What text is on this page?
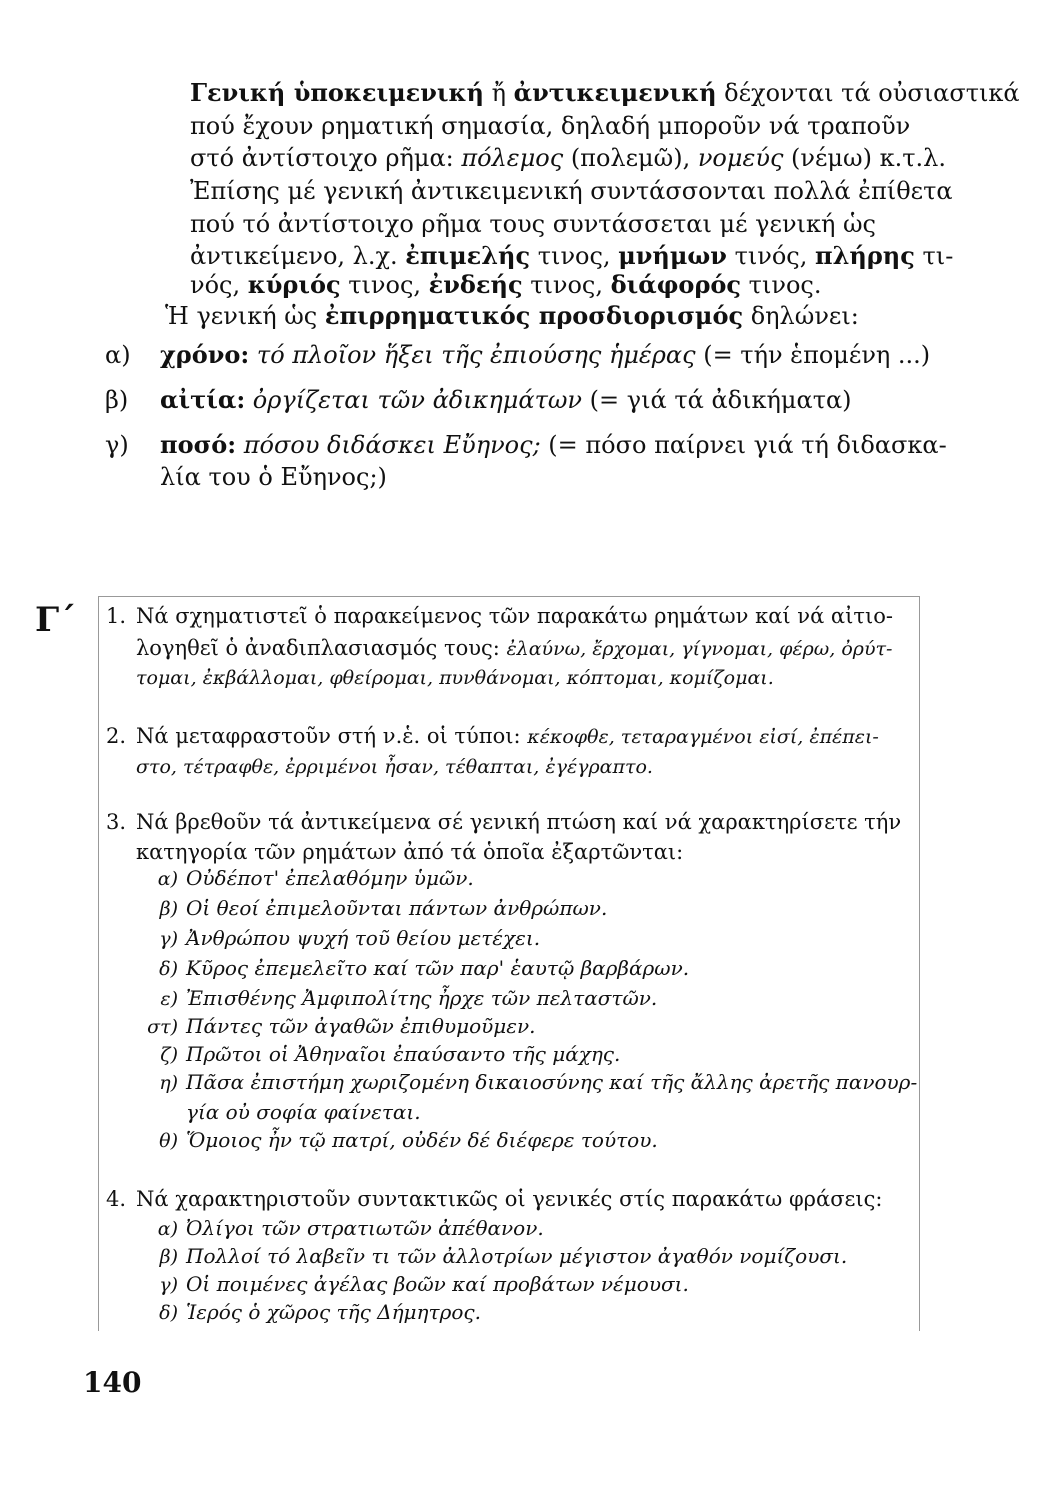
Γενική ὑποκειμενική ἤ ἀντικειμενική δέχονται τά οὐσιαστικά
πού ἔχουν ρηματική σημασία, δηλαδή μποροῦν νά τραποῦν
στό ἀντίστοιχο ρῆμα: πόλεμος (πολεμῶ), νομεύς (νέμω) κ.τ.λ.
Ἐπίσης μέ γενική ἀντικειμενική συντάσσονται πολλά ἐπίθετα
πού τό ἀντίστοιχο ρῆμα τους συντάσσεται μέ γενική ὡς
ἀντικείμενο, λ.χ. ἐπιμελής τινος, μνήμων τινός, πλήρης τι-
νός, κύριός τινος, ἐνδεής τινος, διάφορός τινος.
Ἡ γενική ὡς ἐπιρρηματικός προσδιορισμός δηλώνει:
α) χρόνο: τό πλοῖον ἥξει τῆς ἐπιούσης ἡμέρας (= τήν ἑπομένη ...)
β) αἰτία: ὀργίζεται τῶν ἀδικημάτων (= γιά τά ἀδικήματα)
γ) ποσό: πόσου διδάσκει Εὔηνος; (= πόσο παίρνει γιά τή διδασκα-
λία του ὁ Εὔηνος;)
Γ΄ 1. Νά σχηματιστεῖ ὁ παρακείμενος τῶν παρακάτω ρημάτων καί νά αἰτιο-
λογηθεῖ ὁ ἀναδιπλασιασμός τους: ἐλαύνω, ἔρχομαι, γίγνομαι, φέρω, ὀρύτ-
τομαι, ἐκβάλλομαι, φθείρομαι, πυνθάνομαι, κόπτομαι, κομίζομαι.
2. Νά μεταφραστοῦν στή ν.ἑ. οἱ τύποι: κέκοφθε, τεταραγμένοι εἰσί, ἐπέπει-
στο, τέτραφθε, ἐρριμένοι ἦσαν, τέθαπται, ἐγέγραπτο.
3. Νά βρεθοῦν τά ἀντικείμενα σέ γενική πτώση καί νά χαρακτηρίσετε τήν
κατηγορία τῶν ρημάτων ἀπό τά ὁποῖα ἐξαρτῶνται:
α) Οὐδέποτ' ἐπελαθόμην ὑμῶν.
β) Οἱ θεοί ἐπιμελοῦνται πάντων ἀνθρώπων.
γ) Ἀνθρώπου ψυχή τοῦ θείου μετέχει.
δ) Κῦρος ἐπεμελεῖτο καί τῶν παρ' ἑαυτῷ βαρβάρων.
ε) Ἐπισθένης Ἀμφιπολίτης ἦρχε τῶν πελταστῶν.
στ) Πάντες τῶν ἀγαθῶν ἐπιθυμοῦμεν.
ζ) Πρῶτοι οἱ Ἀθηναῖοι ἐπαύσαντο τῆς μάχης.
η) Πᾶσα ἐπιστήμη χωριζομένη δικαιοσύνης καί τῆς ἄλλης ἀρετῆς πανουρ-
γία οὐ σοφία φαίνεται.
θ) Ὅμοιος ἦν τῷ πατρί, οὐδέν δέ διέφερε τούτου.
4. Νά χαρακτηριστοῦν συντακτικῶς οἱ γενικές στίς παρακάτω φράσεις:
α) Ὀλίγοι τῶν στρατιωτῶν ἀπέθανον.
β) Πολλοί τό λαβεῖν τι τῶν ἀλλοτρίων μέγιστον ἀγαθόν νομίζουσι.
γ) Οἱ ποιμένες ἀγέλας βοῶν καί προβάτων νέμουσι.
δ) Ἱερός ὁ χῶρος τῆς Δήμητρος.
140
